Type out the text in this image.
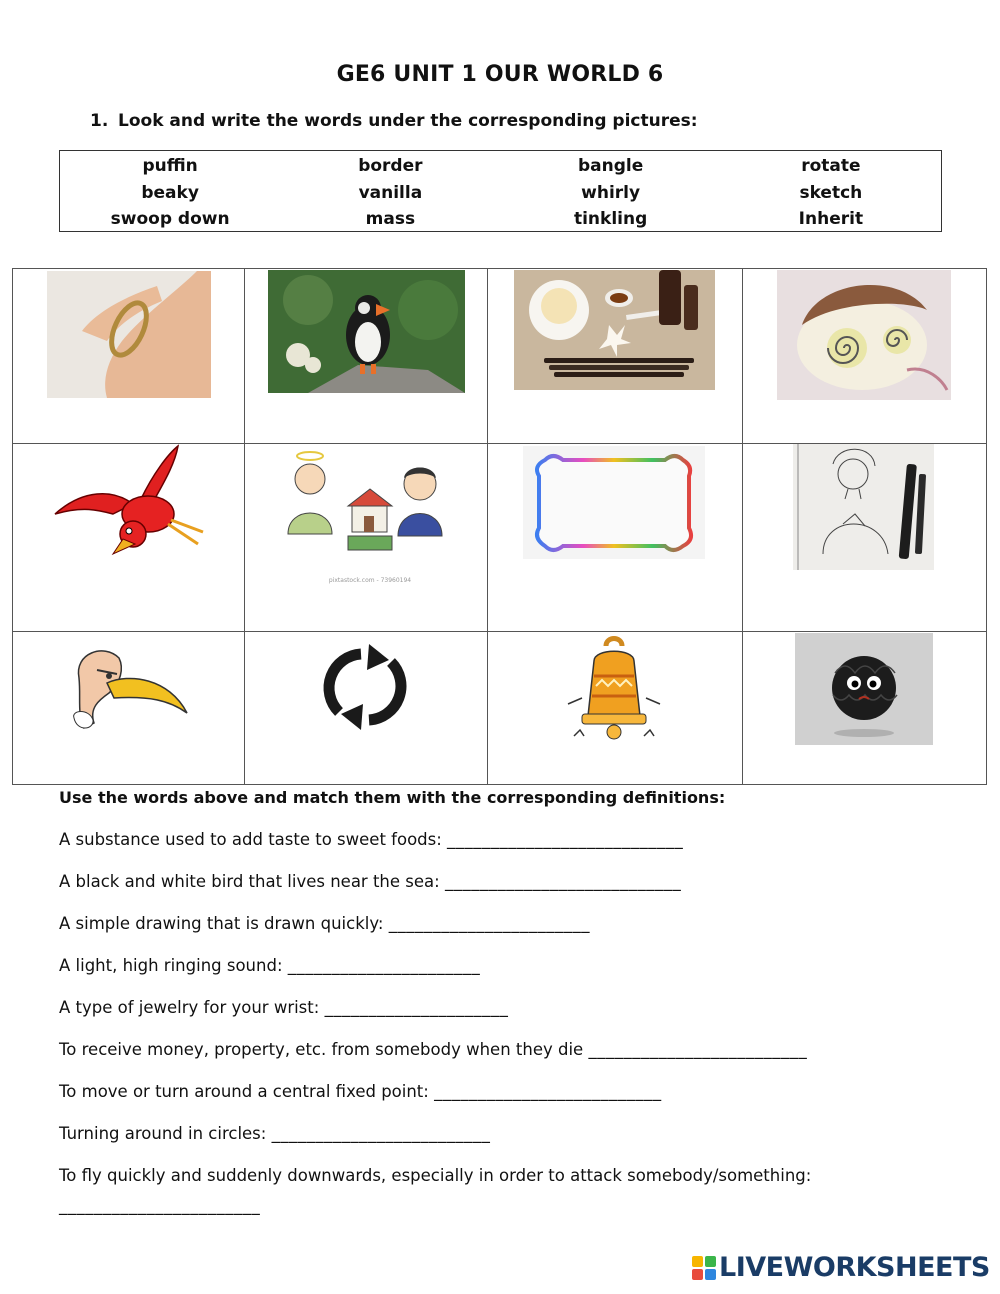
GE6 UNIT 1 OUR WORLD 6
1. Look and write the words under the corresponding pictures:
puffin	border	bangle	rotate
beaky	vanilla	whirly	sketch
swoop down	mass	tinkling	Inherit

pixtastock.com - 73960194

Use the words above and match them with the corresponding definitions:
A substance used to add taste to sweet foods: ___________________________
A black and white bird that lives near the sea: ___________________________
A simple drawing that is drawn quickly: _______________________
A light, high ringing sound: ______________________
A type of jewelry for your wrist: _____________________
To receive money, property, etc. from somebody when they die _________________________
To move or turn around a central fixed point: __________________________
Turning around in circles: _________________________
To fly quickly and suddenly downwards, especially in order to attack somebody/something:
_______________________
LIVEWORKSHEETS
